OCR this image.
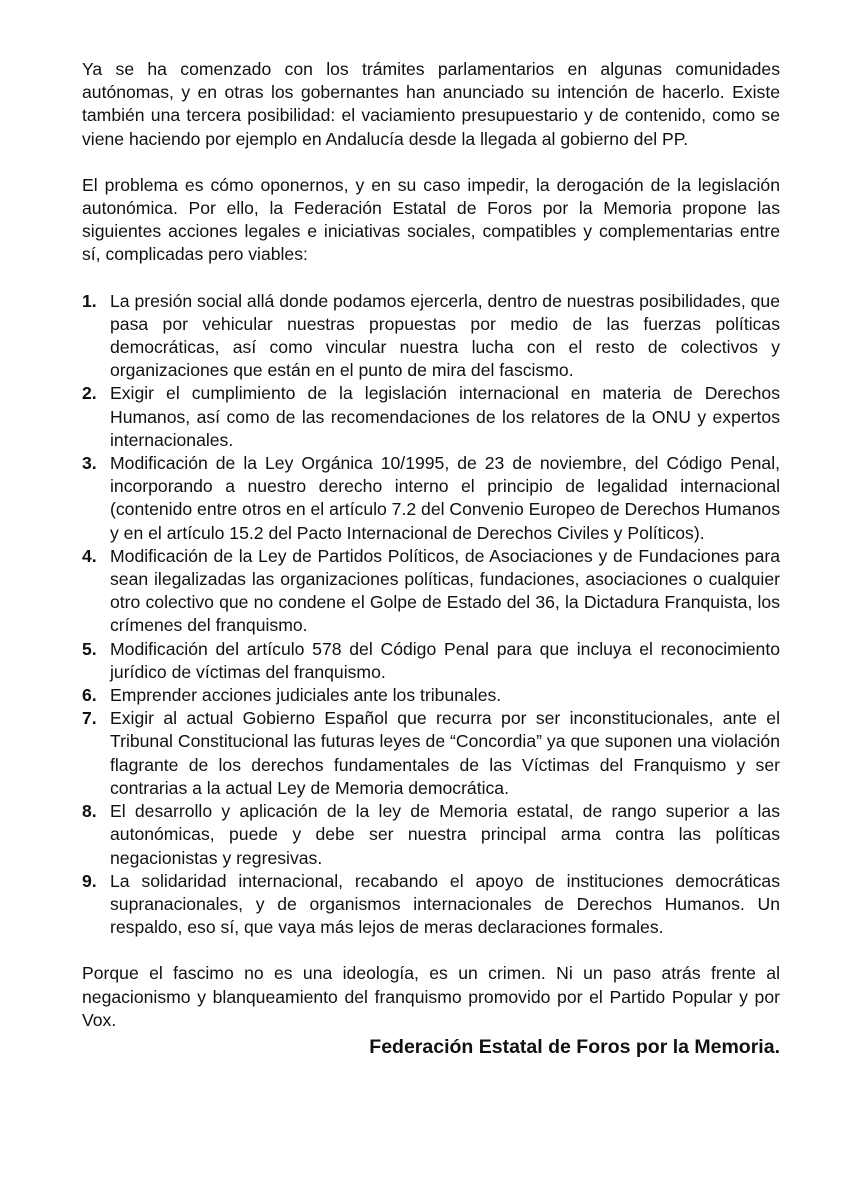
Ya se ha comenzado con los trámites parlamentarios en algunas comunidades autónomas, y en otras los gobernantes han anunciado su intención de hacerlo. Existe también una tercera posibilidad: el vaciamiento presupuestario y de contenido, como se viene haciendo por ejemplo en Andalucía desde la llegada al gobierno del PP.

El problema es cómo oponernos, y en su caso impedir, la derogación de la legislación autonómica. Por ello, la Federación Estatal de Foros por la Memoria propone las siguientes acciones legales e iniciativas sociales, compatibles y complementarias entre sí, complicadas pero viables:

1. La presión social allá donde podamos ejercerla, dentro de nuestras posibilidades, que pasa por vehicular nuestras propuestas por medio de las fuerzas políticas democráticas, así como vincular nuestra lucha con el resto de colectivos y organizaciones que están en el punto de mira del fascismo.
2. Exigir el cumplimiento de la legislación internacional en materia de Derechos Humanos, así como de las recomendaciones de los relatores de la ONU y expertos internacionales.
3. Modificación de la Ley Orgánica 10/1995, de 23 de noviembre, del Código Penal, incorporando a nuestro derecho interno el principio de legalidad internacional (contenido entre otros en el artículo 7.2 del Convenio Europeo de Derechos Humanos y en el artículo 15.2 del Pacto Internacional de Derechos Civiles y Políticos).
4. Modificación de la Ley de Partidos Políticos, de Asociaciones y de Fundaciones para sean ilegalizadas las organizaciones políticas, fundaciones, asociaciones o cualquier otro colectivo que no condene el Golpe de Estado del 36, la Dictadura Franquista, los crímenes del franquismo.
5. Modificación del artículo 578 del Código Penal para que incluya el reconocimiento jurídico de víctimas del franquismo.
6. Emprender acciones judiciales ante los tribunales.
7. Exigir al actual Gobierno Español que recurra por ser inconstitucionales, ante el Tribunal Constitucional las futuras leyes de “Concordia” ya que suponen una violación flagrante de los derechos fundamentales de las Víctimas del Franquismo y ser contrarias a la actual Ley de Memoria democrática.
8. El desarrollo y aplicación de la ley de Memoria estatal, de rango superior a las autonómicas, puede y debe ser nuestra principal arma contra las políticas negacionistas y regresivas.
9. La solidaridad internacional, recabando el apoyo de instituciones democráticas supranacionales, y de organismos internacionales de Derechos Humanos. Un respaldo, eso sí, que vaya más lejos de meras declaraciones formales.

Porque el fascimo no es una ideología, es un crimen. Ni un paso atrás frente al negacionismo y blanqueamiento del franquismo promovido por el Partido Popular y por Vox.

Federación Estatal de Foros por la Memoria.
